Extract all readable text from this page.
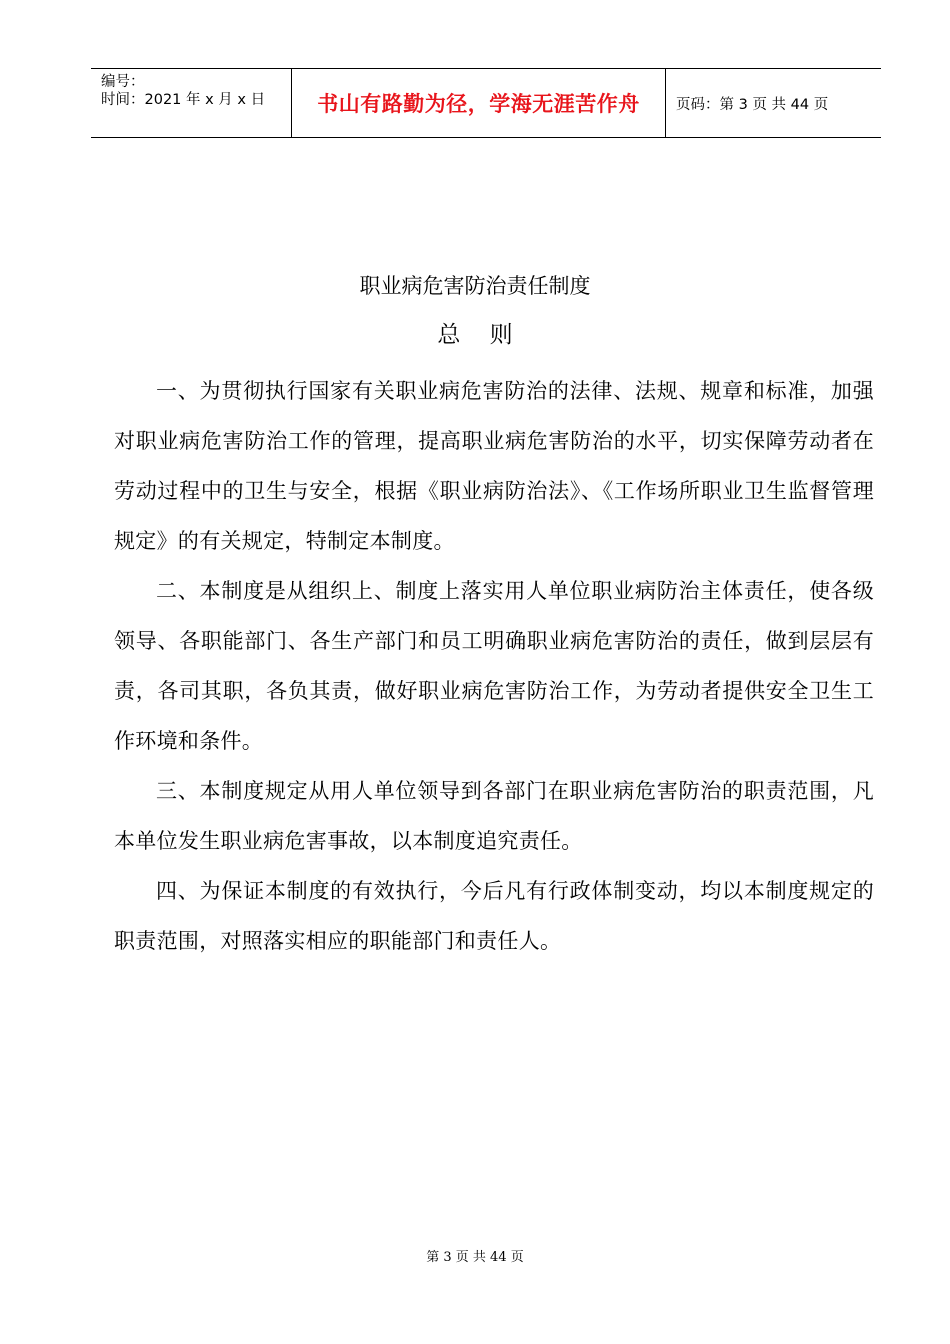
编号：
时间：2021 年 x 月 x 日	书山有路勤为径，学海无涯苦作舟	页码：第 3 页 共 44 页
职业病危害防治责任制度
总    则

一、为贯彻执行国家有关职业病危害防治的法律、法规、规章和标准，加强对职业病危害防治工作的管理，提高职业病危害防治的水平，切实保障劳动者在劳动过程中的卫生与安全，根据《职业病防治法》、《工作场所职业卫生监督管理规定》的有关规定，特制定本制度。

二、本制度是从组织上、制度上落实用人单位职业病防治主体责任，使各级领导、各职能部门、各生产部门和员工明确职业病危害防治的责任，做到层层有责，各司其职，各负其责，做好职业病危害防治工作，为劳动者提供安全卫生工作环境和条件。

三、本制度规定从用人单位领导到各部门在职业病危害防治的职责范围，凡本单位发生职业病危害事故，以本制度追究责任。

四、为保证本制度的有效执行，今后凡有行政体制变动，均以本制度规定的职责范围，对照落实相应的职能部门和责任人。

第 3 页 共 44 页
